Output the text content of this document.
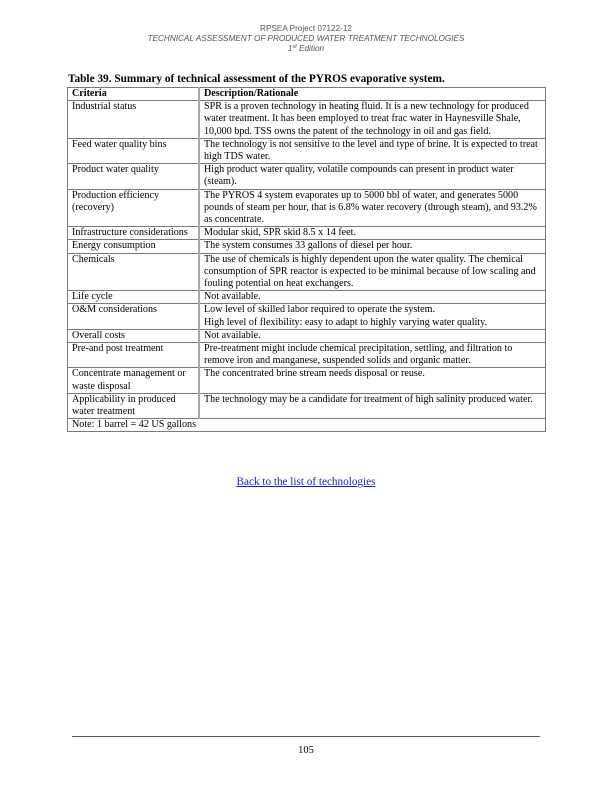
RPSEA Project 07122-12
TECHNICAL ASSESSMENT OF PRODUCED WATER TREATMENT TECHNOLOGIES
1st Edition
Table 39. Summary of technical assessment of the PYROS evaporative system.
Criteria	Description/Rationale
Industrial status	SPR is a proven technology in heating fluid. It is a new technology for produced water treatment. It has been employed to treat frac water in Haynesville Shale, 10,000 bpd. TSS owns the patent of the technology in oil and gas field.
Feed water quality bins	The technology is not sensitive to the level and type of brine. It is expected to treat high TDS water.
Product water quality	High product water quality, volatile compounds can present in product water (steam).
Production efficiency (recovery)	The PYROS 4 system evaporates up to 5000 bbl of water, and generates 5000 pounds of steam per hour, that is 6.8% water recovery (through steam), and 93.2% as concentrate.
Infrastructure considerations	Modular skid, SPR skid 8.5 x 14 feet.
Energy consumption	The system consumes 33 gallons of diesel per hour.
Chemicals	The use of chemicals is highly dependent upon the water quality. The chemical consumption of SPR reactor is expected to be minimal because of low scaling and fouling potential on heat exchangers.
Life cycle	Not available.
O&M considerations	Low level of skilled labor required to operate the system.
High level of flexibility: easy to adapt to highly varying water quality.

Overall costs	Not available.
Pre-and post treatment	Pre-treatment might include chemical precipitation, settling, and filtration to remove iron and manganese, suspended solids and organic matter.
Concentrate management or waste disposal	The concentrated brine stream needs disposal or reuse.
Applicability in produced water treatment	The technology may be a candidate for treatment of high salinity produced water.
Note: 1 barrel = 42 US gallons	
Back to the list of technologies
105
